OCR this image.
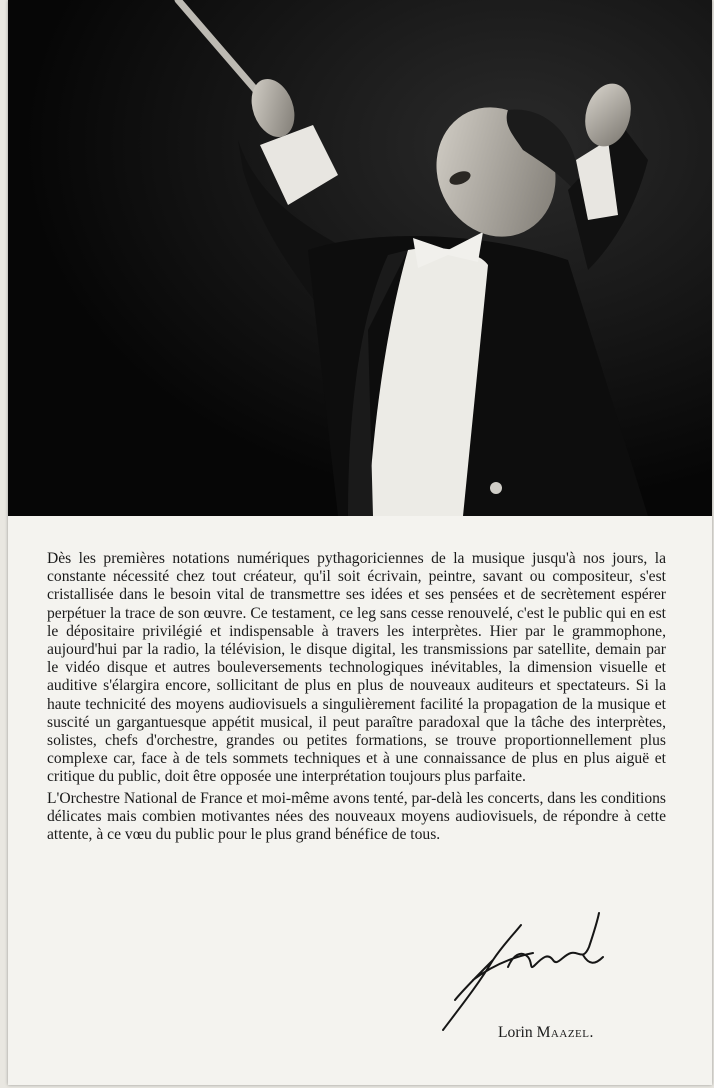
Dès les premières notations numériques pythagoriciennes de la musique jusqu'à nos jours, la constante nécessité chez tout créateur, qu'il soit écrivain, peintre, savant ou compositeur, s'est cristallisée dans le besoin vital de transmettre ses idées et ses pensées et de secrètement espérer perpétuer la trace de son œuvre. Ce testament, ce leg sans cesse renouvelé, c'est le public qui en est le dépositaire privilégié et indispensable à travers les interprètes. Hier par le grammophone, aujourd'hui par la radio, la télévision, le disque digital, les transmissions par satellite, demain par le vidéo disque et autres bouleversements technologiques inévitables, la dimension visuelle et auditive s'élargira encore, sollicitant de plus en plus de nouveaux auditeurs et spectateurs. Si la haute technicité des moyens audiovisuels a singulièrement facilité la propagation de la musique et suscité un gargantuesque appétit musical, il peut paraître paradoxal que la tâche des interprètes, solistes, chefs d'orchestre, grandes ou petites formations, se trouve proportionnellement plus complexe car, face à de tels sommets techniques et à une connaissance de plus en plus aiguë et critique du public, doit être opposée une interprétation toujours plus parfaite.

L'Orchestre National de France et moi-même avons tenté, par-delà les concerts, dans les conditions délicates mais combien motivantes nées des nouveaux moyens audiovisuels, de répondre à cette attente, à ce vœu du public pour le plus grand bénéfice de tous.

Lorin Maazel.
